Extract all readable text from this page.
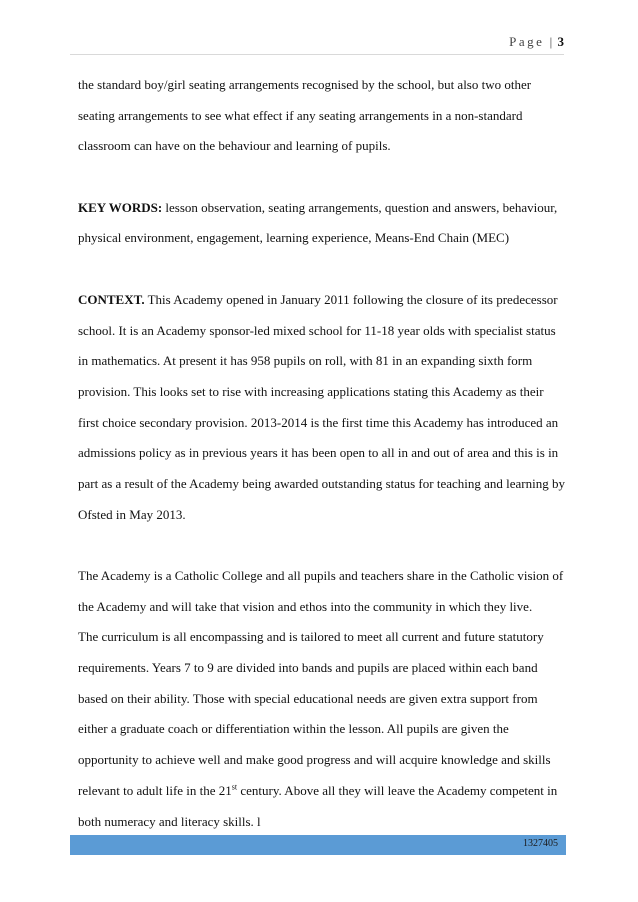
Page | 3
the standard boy/girl seating arrangements recognised by the school, but also two other
seating arrangements to see what effect if any seating arrangements in a non-standard
classroom can have on the behaviour and learning of pupils.
KEY WORDS: lesson observation, seating arrangements, question and answers, behaviour,
physical environment, engagement, learning experience, Means-End Chain (MEC)
CONTEXT. This Academy opened in January 2011 following the closure of its predecessor
school. It is an Academy sponsor-led mixed school for 11-18 year olds with specialist status
in mathematics. At present it has 958 pupils on roll, with 81 in an expanding sixth form
provision. This looks set to rise with increasing applications stating this Academy as their
first choice secondary provision. 2013-2014 is the first time this Academy has introduced an
admissions policy as in previous years it has been open to all in and out of area and this is in
part as a result of the Academy being awarded outstanding status for teaching and learning by
Ofsted in May 2013.
The Academy is a Catholic College and all pupils and teachers share in the Catholic vision of
the Academy and will take that vision and ethos into the community in which they live.
The curriculum is all encompassing and is tailored to meet all current and future statutory
requirements. Years 7 to 9 are divided into bands and pupils are placed within each band
based on their ability. Those with special educational needs are given extra support from
either a graduate coach or differentiation within the lesson. All pupils are given the
opportunity to achieve well and make good progress and will acquire knowledge and skills
relevant to adult life in the 21st century. Above all they will leave the Academy competent in
both numeracy and literacy skills. l
1327405
